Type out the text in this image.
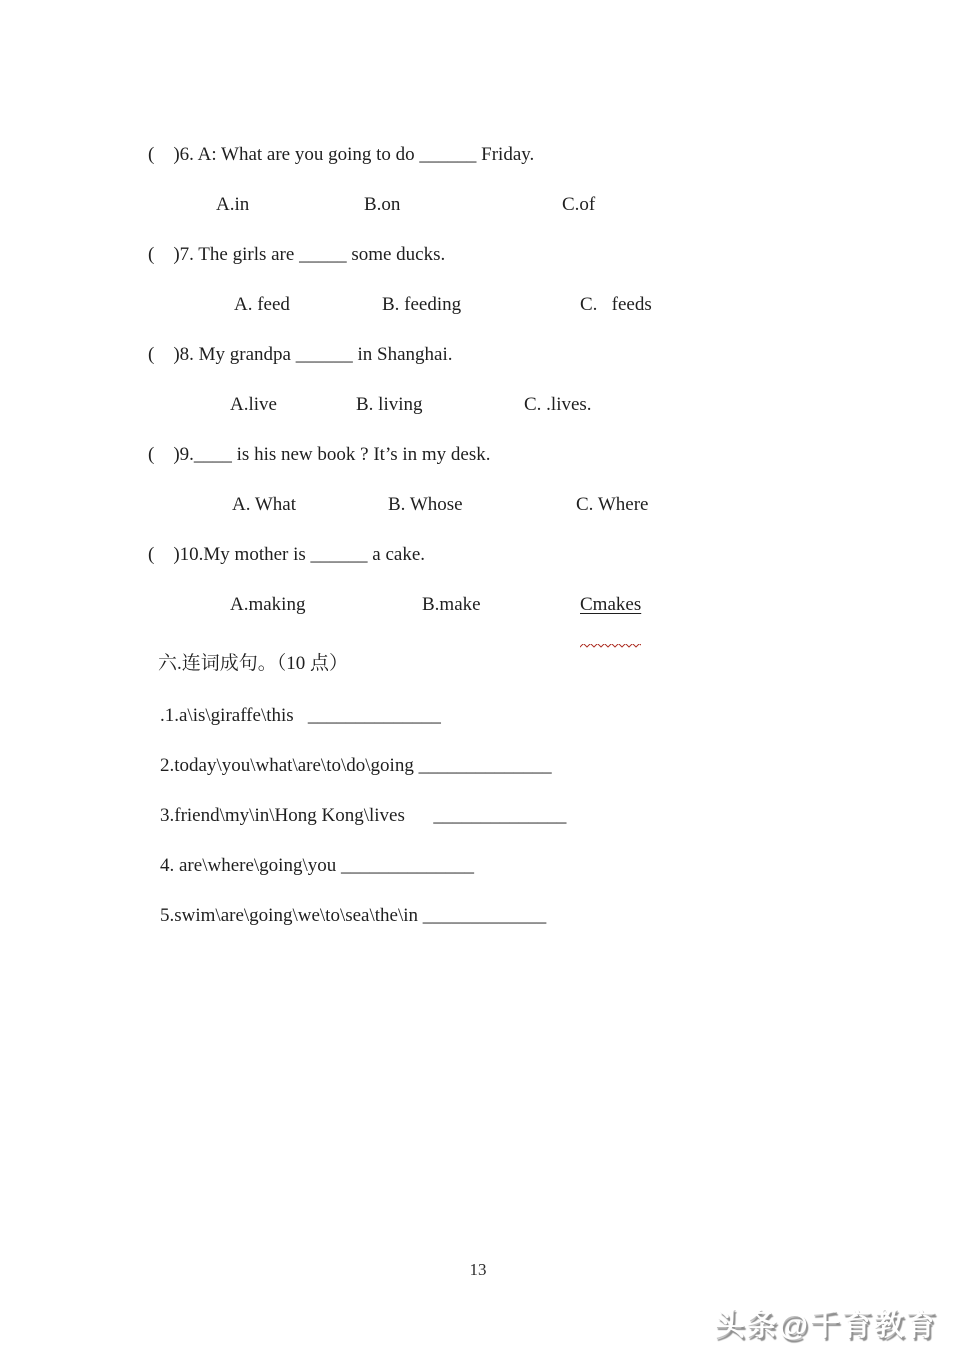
(    )6. A: What are you going to do ______ Friday.
A.in	B.on	C.of
(    )7. The girls are _____ some ducks.
A. feed	B. feeding	C.   feeds
(    )8. My grandpa ______ in Shanghai.
A.live	B. living	C. .lives.
(    )9.____ is his new book ? It’s in my desk.
A. What	B. Whose	C. Where
(    )10.My mother is ______ a cake.
A.making	B.make	Cmakes
六.连词成句。（10 点）
.1.a\is\giraffe\this   ______________
2.today\you\what\are\to\do\going ______________
3.friend\my\in\Hong Kong\lives      ______________
4. are\where\going\you ______________
5.swim\are\going\we\to\sea\the\in _____________
13
头条@千育教育
